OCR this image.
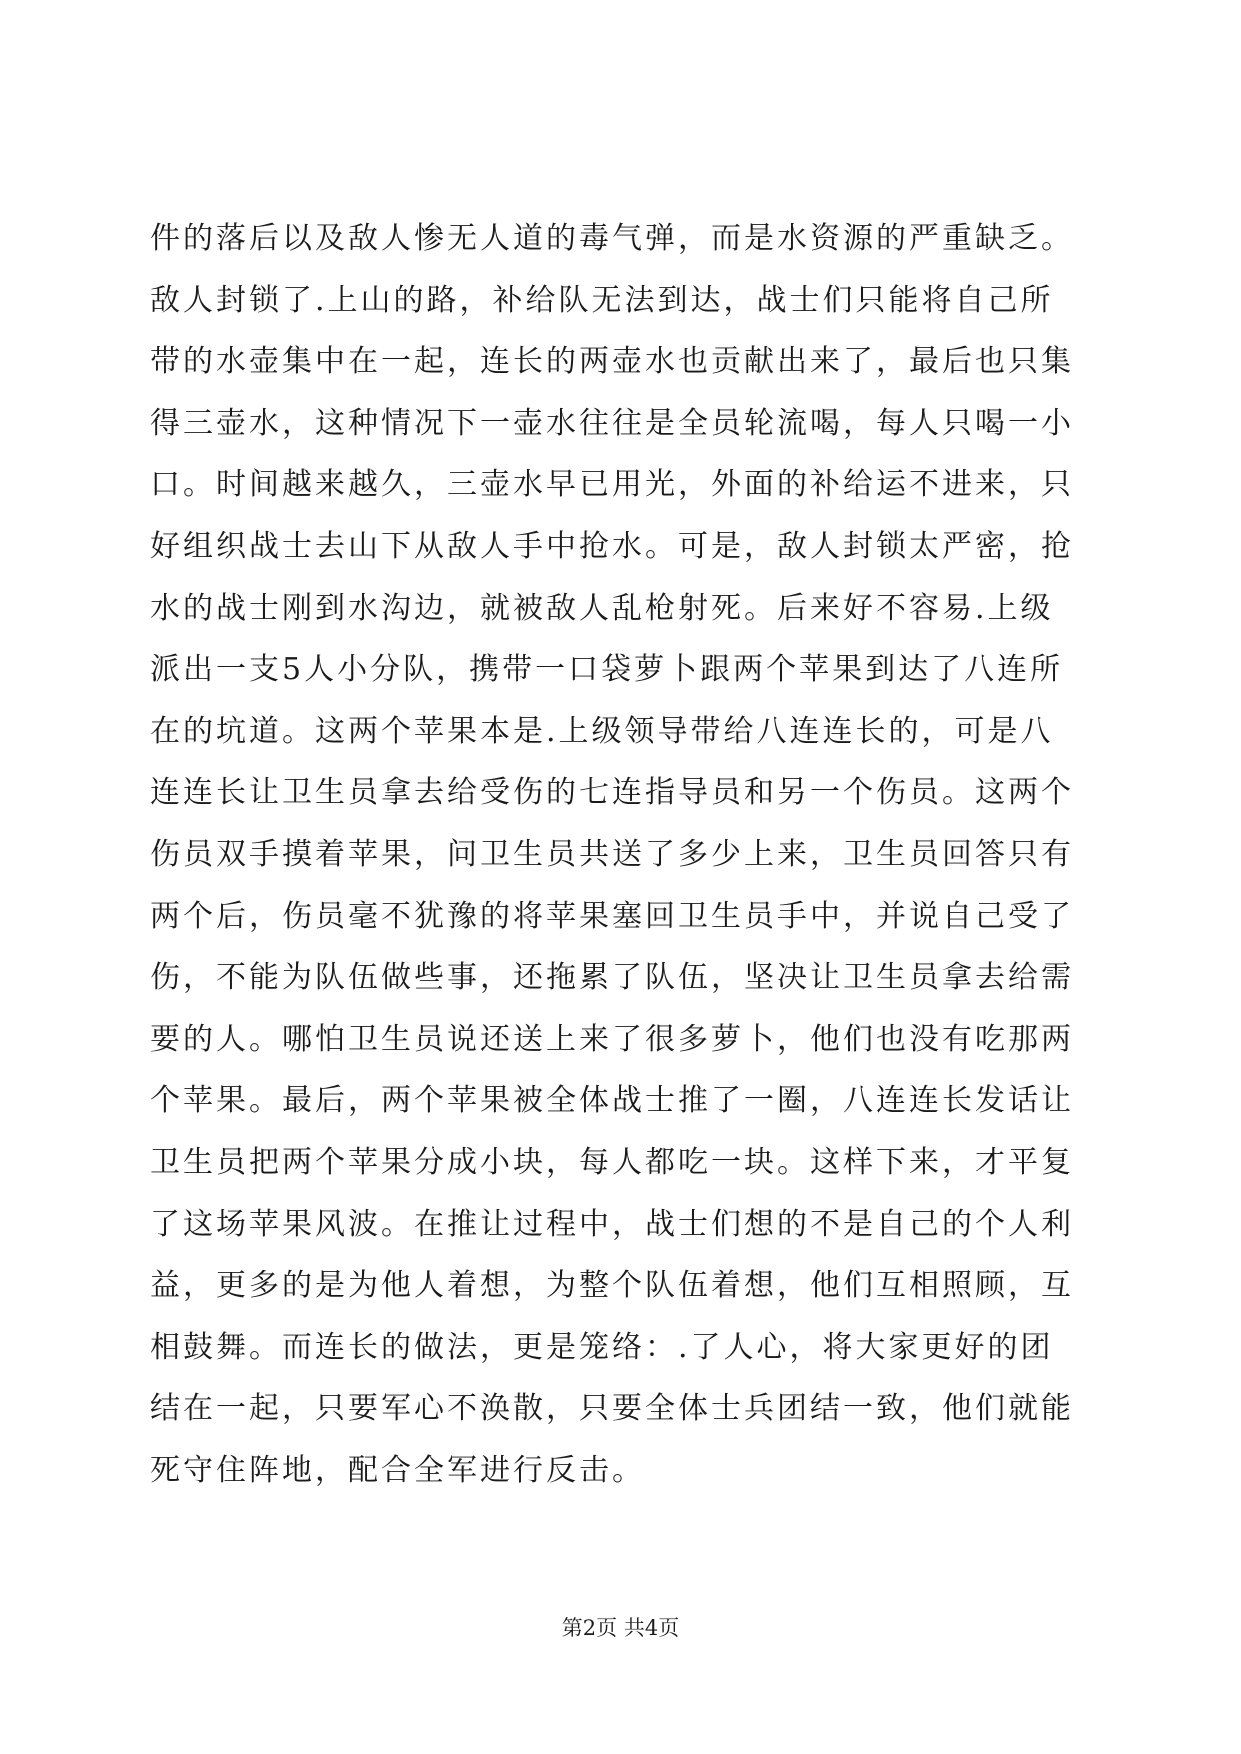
件的落后以及敌人惨无人道的毒气弹，而是水资源的严重缺乏。
敌人封锁了.上山的路，补给队无法到达，战士们只能将自己所
带的水壶集中在一起，连长的两壶水也贡献出来了，最后也只集
得三壶水，这种情况下一壶水往往是全员轮流喝，每人只喝一小
口。时间越来越久，三壶水早已用光，外面的补给运不进来，只
好组织战士去山下从敌人手中抢水。可是，敌人封锁太严密，抢
水的战士刚到水沟边，就被敌人乱枪射死。后来好不容易.上级
派出一支5人小分队，携带一口袋萝卜跟两个苹果到达了八连所
在的坑道。这两个苹果本是.上级领导带给八连连长的，可是八
连连长让卫生员拿去给受伤的七连指导员和另一个伤员。这两个
伤员双手摸着苹果，问卫生员共送了多少上来，卫生员回答只有
两个后，伤员毫不犹豫的将苹果塞回卫生员手中，并说自己受了
伤，不能为队伍做些事，还拖累了队伍，坚决让卫生员拿去给需
要的人。哪怕卫生员说还送上来了很多萝卜，他们也没有吃那两
个苹果。最后，两个苹果被全体战士推了一圈，八连连长发话让
卫生员把两个苹果分成小块，每人都吃一块。这样下来，才平复
了这场苹果风波。在推让过程中，战士们想的不是自己的个人利
益，更多的是为他人着想，为整个队伍着想，他们互相照顾，互
相鼓舞。而连长的做法，更是笼络：.了人心，将大家更好的团
结在一起，只要军心不涣散，只要全体士兵团结一致，他们就能
死守住阵地，配合全军进行反击。
第2页 共4页
